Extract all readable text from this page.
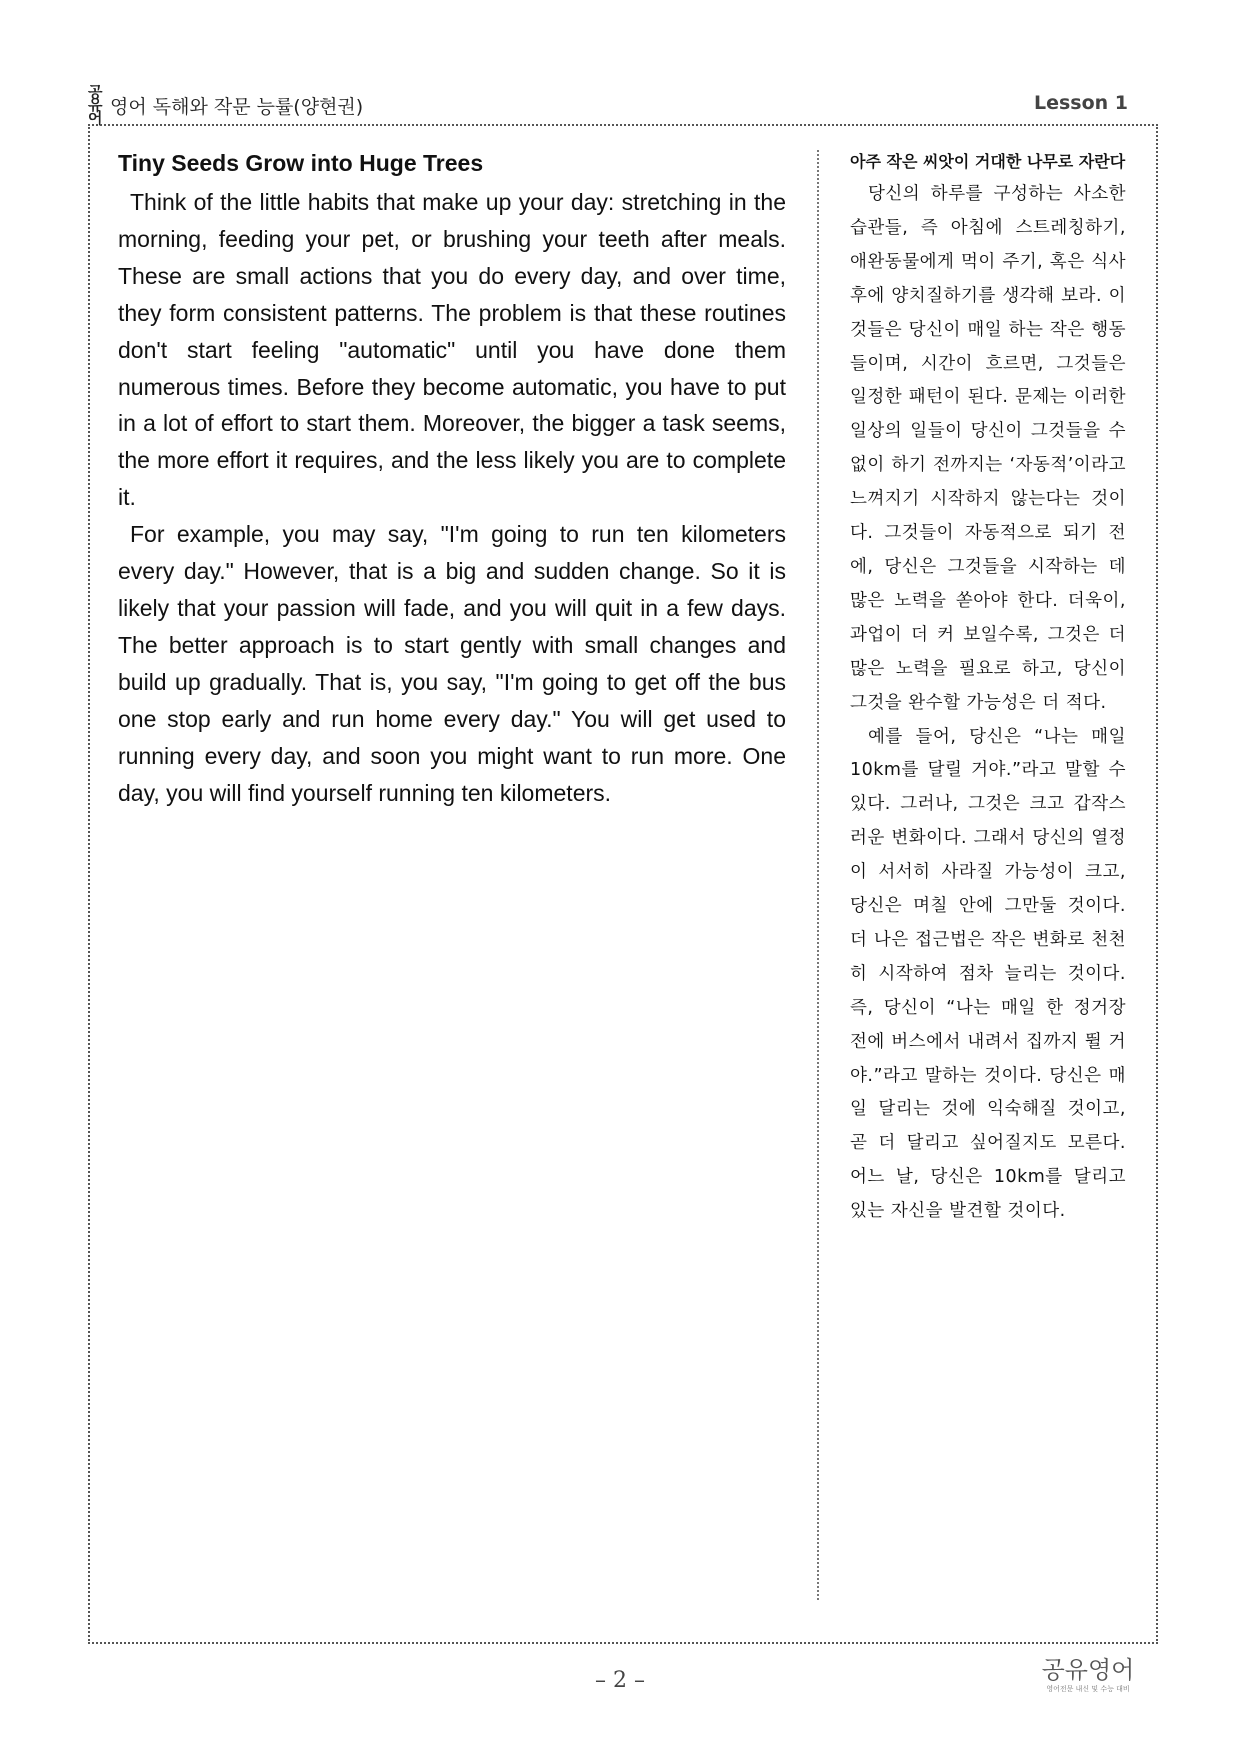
공
유
어 영어 독해와 작문 능률(양현권)	Lesson 1
Tiny Seeds Grow into Huge Trees

Think of the little habits that make up your day: stretching in the morning, feeding your pet, or brushing your teeth after meals. These are small actions that you do every day, and over time, they form consistent patterns. The problem is that these routines don't start feeling "automatic" until you have done them numerous times. Before they become automatic, you have to put in a lot of effort to start them. Moreover, the bigger a task seems, the more effort it requires, and the less likely you are to complete it.

For example, you may say, "I'm going to run ten kilometers every day." However, that is a big and sudden change. So it is likely that your passion will fade, and you will quit in a few days. The better approach is to start gently with small changes and build up gradually. That is, you say, "I'm going to get off the bus one stop early and run home every day." You will get used to running every day, and soon you might want to run more. One day, you will find yourself running ten kilometers.

아주 작은 씨앗이 거대한 나무로 자란다

당신의 하루를 구성하는 사소한 습관들, 즉 아침에 스트레칭하기, 애완동물에게 먹이 주기, 혹은 식사 후에 양치질하기를 생각해 보라. 이것들은 당신이 매일 하는 작은 행동들이며, 시간이 흐르면, 그것들은 일정한 패턴이 된다. 문제는 이러한 일상의 일들이 당신이 그것들을 수없이 하기 전까지는 ‘자동적’이라고 느껴지기 시작하지 않는다는 것이다. 그것들이 자동적으로 되기 전에, 당신은 그것들을 시작하는 데 많은 노력을 쏟아야 한다. 더욱이, 과업이 더 커 보일수록, 그것은 더 많은 노력을 필요로 하고, 당신이 그것을 완수할 가능성은 더 적다.

예를 들어, 당신은 “나는 매일 10km를 달릴 거야.”라고 말할 수 있다. 그러나, 그것은 크고 갑작스러운 변화이다. 그래서 당신의 열정이 서서히 사라질 가능성이 크고, 당신은 며칠 안에 그만둘 것이다. 더 나은 접근법은 작은 변화로 천천히 시작하여 점차 늘리는 것이다. 즉, 당신이 “나는 매일 한 정거장 전에 버스에서 내려서 집까지 뛸 거야.”라고 말하는 것이다. 당신은 매일 달리는 것에 익숙해질 것이고, 곧 더 달리고 싶어질지도 모른다. 어느 날, 당신은 10km를 달리고 있는 자신을 발견할 것이다.

– 2 –	공유영어
영어전문 내신 및 수능 대비
